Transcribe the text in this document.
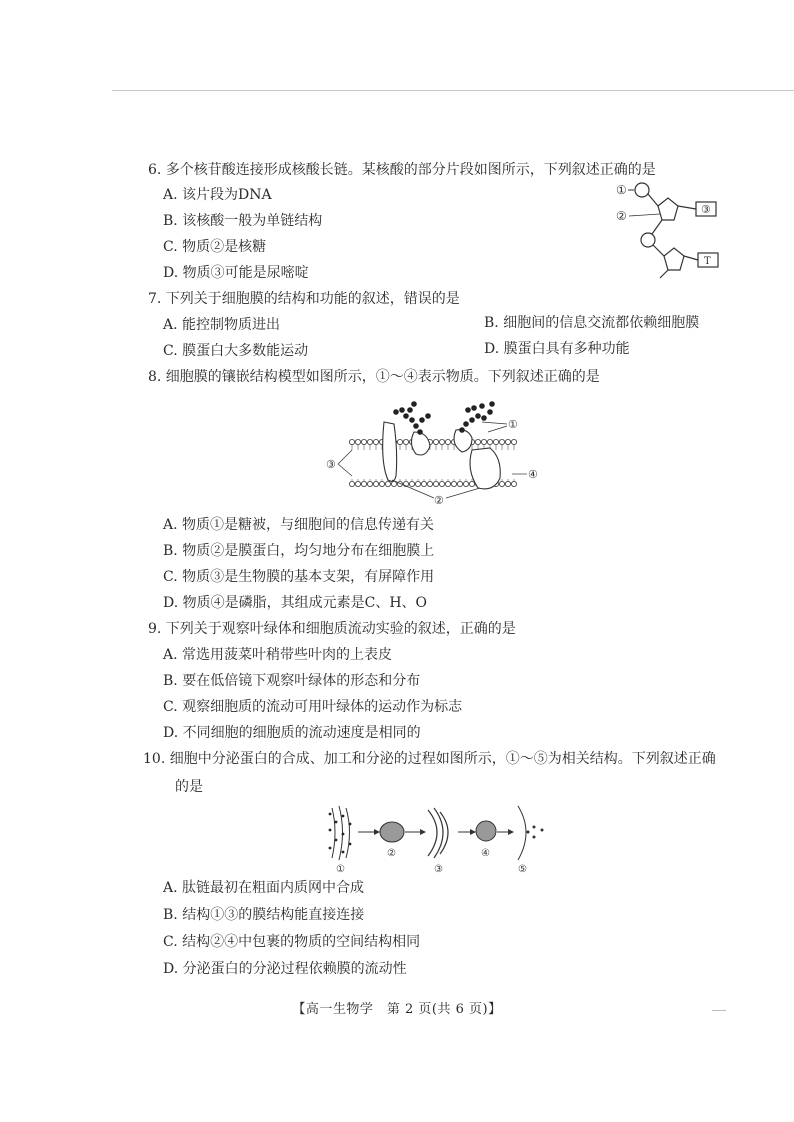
6. 多个核苷酸连接形成核酸长链。某核酸的部分片段如图所示，下列叙述正确的是
A. 该片段为DNA
B. 该核酸一般为单链结构
C. 物质②是核糖
D. 物质③可能是尿嘧啶
①
②	③
T
7. 下列关于细胞膜的结构和功能的叙述，错误的是
A. 能控制物质进出	B. 细胞间的信息交流都依赖细胞膜
C. 膜蛋白大多数能运动	D. 膜蛋白具有多种功能
8. 细胞膜的镶嵌结构模型如图所示，①～④表示物质。下列叙述正确的是
①
③
④
②
A. 物质①是糖被，与细胞间的信息传递有关
B. 物质②是膜蛋白，均匀地分布在细胞膜上
C. 物质③是生物膜的基本支架，有屏障作用
D. 物质④是磷脂，其组成元素是C、H、O
9. 下列关于观察叶绿体和细胞质流动实验的叙述，正确的是
A. 常选用菠菜叶稍带些叶肉的上表皮
B. 要在低倍镜下观察叶绿体的形态和分布
C. 观察细胞质的流动可用叶绿体的运动作为标志
D. 不同细胞的细胞质的流动速度是相同的
10. 细胞中分泌蛋白的合成、加工和分泌的过程如图所示，①～⑤为相关结构。下列叙述正确
的是
①
②
③
④
⑤
A. 肽链最初在粗面内质网中合成
B. 结构①③的膜结构能直接连接
C. 结构②④中包裹的物质的空间结构相同
D. 分泌蛋白的分泌过程依赖膜的流动性
【高一生物学　第 2 页(共 6 页)】
